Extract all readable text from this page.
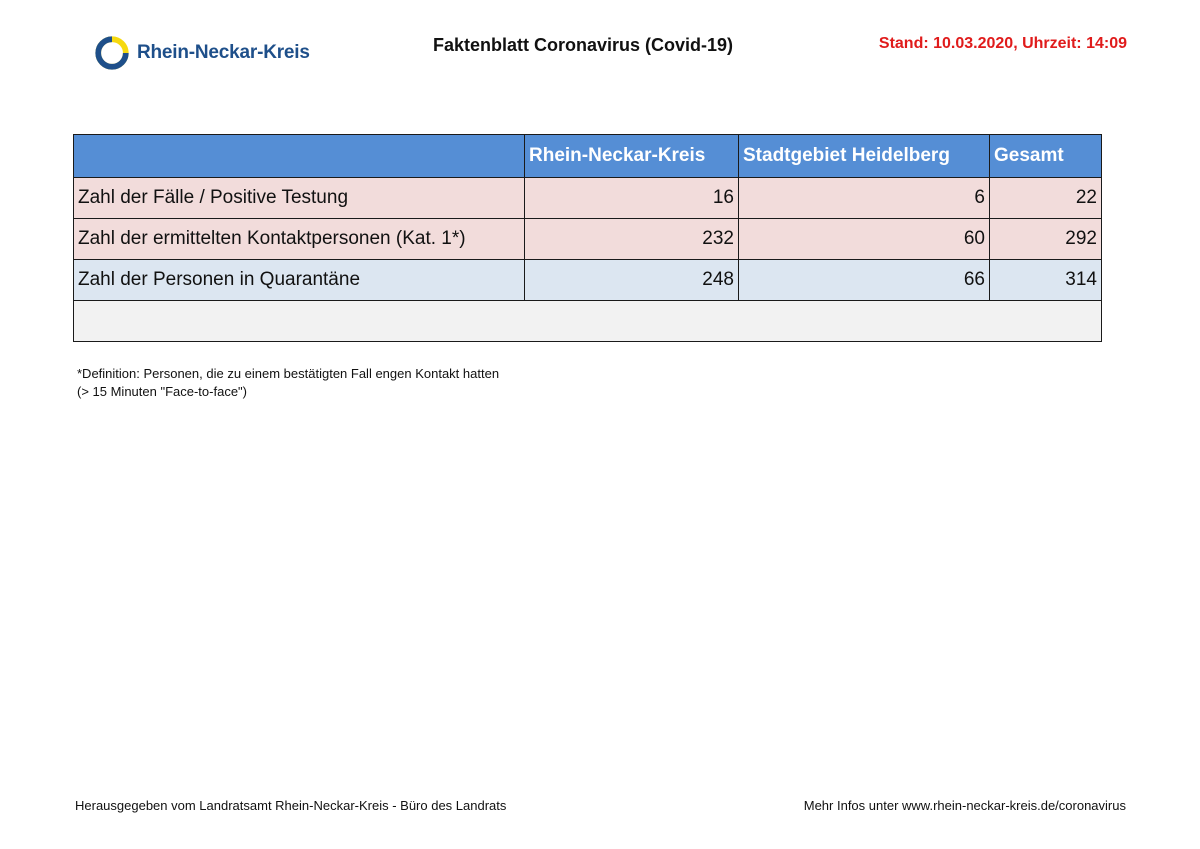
Rhein-Neckar-Kreis	Faktenblatt Coronavirus (Covid-19)	Stand: 10.03.2020, Uhrzeit: 14:09
	Rhein-Neckar-Kreis	Stadtgebiet Heidelberg	Gesamt
Zahl der Fälle / Positive Testung	16	6	22
Zahl der ermittelten Kontaktpersonen (Kat. 1*)	232	60	292
Zahl der Personen in Quarantäne	248	66	314

*Definition: Personen, die zu einem bestätigten Fall engen Kontakt hatten
(> 15 Minuten "Face-to-face")
Herausgegeben vom Landratsamt Rhein-Neckar-Kreis - Büro des Landrats	Mehr Infos unter www.rhein-neckar-kreis.de/coronavirus
